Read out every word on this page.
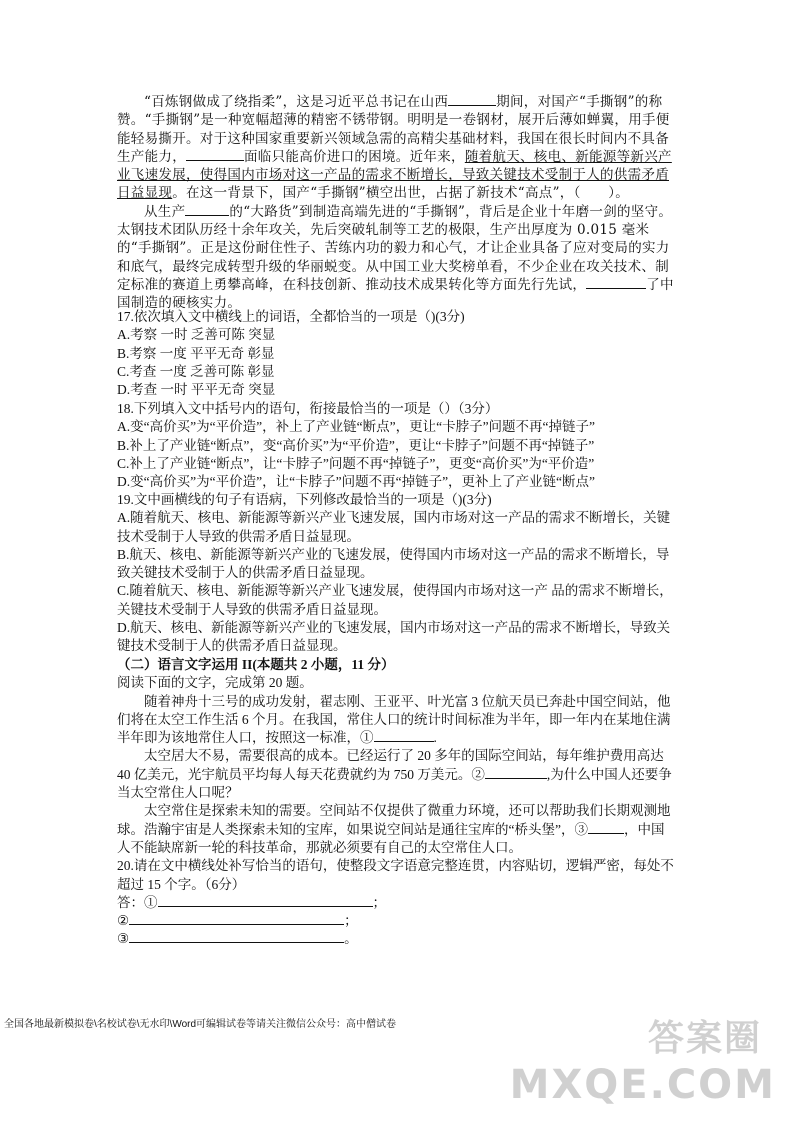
“百炼钢做成了绕指柔”，这是习近平总书记在山西	期间，对国产“手撕钢”的称赞。“手撕钢”是一种宽幅超薄的精密不锈带钢。明明是一卷钢材，展开后薄如蝉翼，用手便能轻易撕开。对于这种国家重要新兴领域急需的高精尖基础材料，我国在很长时间内不具备生产能力，	面临只能高价进口的困境。近年来，随着航天、核电、新能源等新兴产业飞速发展，使得国内市场对这一产品的需求不断增长，导致关键技术受制于人的供需矛盾日益显现。在这一背景下，国产“手撕钢”横空出世，占据了新技术“高点”，（　　）。

从生产	的“大路货”到制造高端先进的“手撕钢”，背后是企业十年磨一剑的坚守。太钢技术团队历经十余年攻关，先后突破轧制等工艺的极限，生产出厚度为 0.015 毫米的“手撕钢”。正是这份耐住性子、苦练内功的毅力和心气，才让企业具备了应对变局的实力和底气，最终完成转型升级的华丽蜕变。从中国工业大奖榜单看，不少企业在攻关技术、制定标准的赛道上勇攀高峰，在科技创新、推动技术成果转化等方面先行先试，	了中国制造的硬核实力。

17.依次填入文中横线上的词语，全都恰当的一项是（)(3分)

A.考察 一时 乏善可陈 突显

B.考察 一度 平平无奇 彰显

C.考查 一度 乏善可陈 彰显

D.考查 一时 平平无奇 突显

18.下列填入文中括号内的语句，衔接最恰当的一项是（）（3分）

A.变“高价买”为“平价造”，补上了产业链“断点”，更让“卡脖子”问题不再“掉链子”

B.补上了产业链“断点”，变“高价买”为“平价造”，更让“卡脖子”问题不再“掉链子”

C.补上了产业链“断点”，让“卡脖子”问题不再“掉链子”，更变“高价买”为“平价造”

D.变“高价买”为“平价造”，让“卡脖子”问题不再“掉链子”，更补上了产业链“断点”

19.文中画横线的句子有语病，下列修改最恰当的一项是（)(3分)

A.随着航天、核电、新能源等新兴产业飞速发展，国内市场对这一产品的需求不断增长，关键

技术受制于人导致的供需矛盾日益显现。

B.航天、核电、新能源等新兴产业的飞速发展，使得国内市场对这一产品的需求不断增长，导

致关键技术受制于人的供需矛盾日益显现。

C.随着航天、核电、新能源等新兴产业飞速发展，使得国内市场对这一产 品的需求不断增长，

关键技术受制于人导致的供需矛盾日益显现。

D.航天、核电、新能源等新兴产业的飞速发展，国内市场对这一产品的需求不断增长，导致关

键技术受制于人的供需矛盾日益显现。

（二）语言文字运用 II(本题共 2 小题，11 分）

阅读下面的文字，完成第 20 题。

随着神舟十三号的成功发射，翟志刚、王亚平、叶光富 3 位航天员已奔赴中国空间站，他们将在太空工作生活 6 个月。在我国，常住人口的统计时间标准为半年，即一年内在某地住满半年即为该地常住人口，按照这一标准，①	.

太空居大不易，需要很高的成本。已经运行了 20 多年的国际空间站，每年维护费用高达 40 亿美元，光宇航员平均每人每天花费就约为 750 万美元。②	,为什么中国人还要争当太空常住人口呢？

太空常住是探索未知的需要。空间站不仅提供了微重力环境，还可以帮助我们长期观测地球。浩瀚宇宙是人类探索未知的宝库，如果说空间站是通往宝库的“桥头堡”，③	，中国人不能缺席新一轮的科技革命，那就必须要有自己的太空常住人口。

20.请在文中横线处补写恰当的语句，使整段文字语意完整连贯，内容贴切，逻辑严密，每处不超过 15 个字。（6分）

答：①	；

②	；

③	。

全国各地最新模拟卷\名校试卷\无水印\Word可编辑试卷等请关注微信公众号：高中僧试卷	答案圈
MXQE.COM
